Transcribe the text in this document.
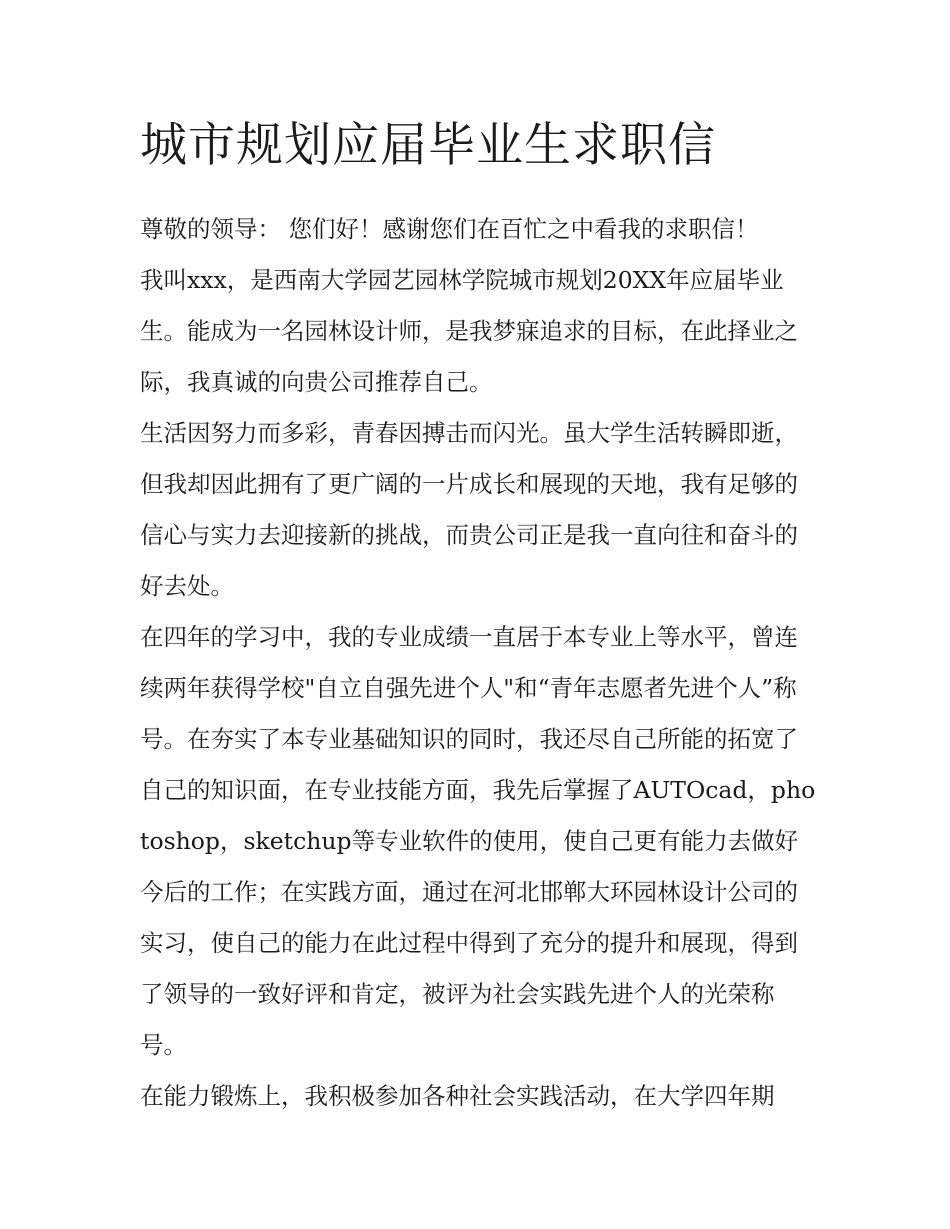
城市规划应届毕业生求职信

尊敬的领导： 您们好！感谢您们在百忙之中看我的求职信！

我叫xxx，是西南大学园艺园林学院城市规划20XX年应届毕业生。能成为一名园林设计师，是我梦寐追求的目标，在此择业之际，我真诚的向贵公司推荐自己。

生活因努力而多彩，青春因搏击而闪光。虽大学生活转瞬即逝，但我却因此拥有了更广阔的一片成长和展现的天地，我有足够的信心与实力去迎接新的挑战，而贵公司正是我一直向往和奋斗的好去处。

在四年的学习中，我的专业成绩一直居于本专业上等水平，曾连续两年获得学校"自立自强先进个人"和“青年志愿者先进个人”称号。在夯实了本专业基础知识的同时，我还尽自己所能的拓宽了自己的知识面，在专业技能方面，我先后掌握了AUTOcad，photoshop，sketchup等专业软件的使用，使自己更有能力去做好今后的工作；在实践方面，通过在河北邯郸大环园林设计公司的实习，使自己的能力在此过程中得到了充分的提升和展现，得到了领导的一致好评和肯定，被评为社会实践先进个人的光荣称号。

在能力锻炼上，我积极参加各种社会实践活动，在大学四年期
